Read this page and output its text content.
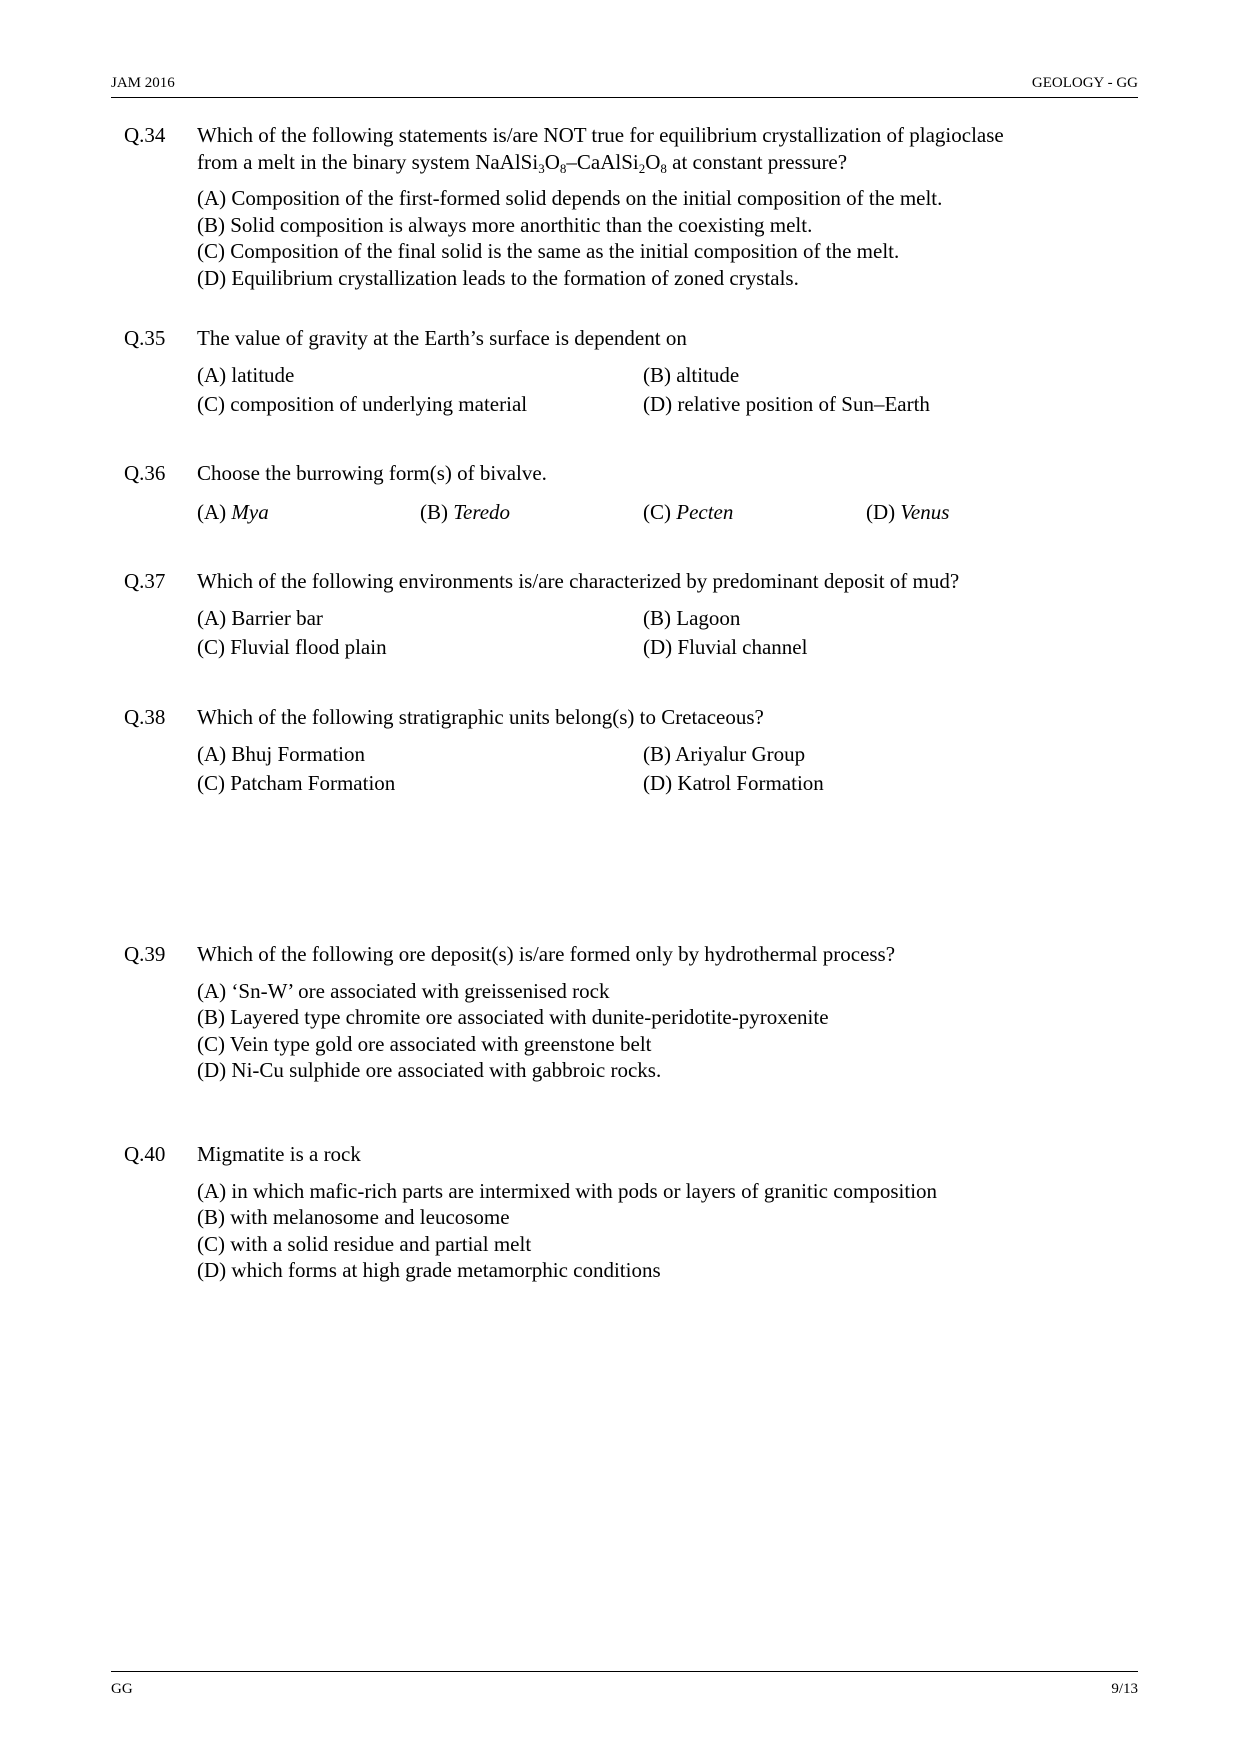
JAM 2016	GEOLOGY - GG
Q.34	Which of the following statements is/are NOT true for equilibrium crystallization of plagioclase
from a melt in the binary system $NaAlSi_3O_8-CaAlSi_2O_8$ at constant pressure?
(A) Composition of the first-formed solid depends on the initial composition of the melt.
(B) Solid composition is always more anorthitic than the coexisting melt.
(C) Composition of the final solid is the same as the initial composition of the melt.
(D) Equilibrium crystallization leads to the formation of zoned crystals.
Q.35	The value of gravity at the Earth’s surface is dependent on
(A) latitude	(B) altitude
(C) composition of underlying material	(D) relative position of Sun–Earth
Q.36	Choose the burrowing form(s) of bivalve.
(A) Mya	(B) Teredo	(C) Pecten	(D) Venus
Q.37	Which of the following environments is/are characterized by predominant deposit of mud?
(A) Barrier bar	(B) Lagoon
(C) Fluvial flood plain	(D) Fluvial channel
Q.38	Which of the following stratigraphic units belong(s) to Cretaceous?
(A) Bhuj Formation	(B) Ariyalur Group
(C) Patcham Formation	(D) Katrol Formation
Q.39	Which of the following ore deposit(s) is/are formed only by hydrothermal process?
(A) ‘Sn-W’ ore associated with greissenised rock
(B) Layered type chromite ore associated with dunite-peridotite-pyroxenite
(C) Vein type gold ore associated with greenstone belt
(D) Ni-Cu sulphide ore associated with gabbroic rocks.
Q.40	Migmatite is a rock
(A) in which mafic-rich parts are intermixed with pods or layers of granitic composition
(B) with melanosome and leucosome
(C) with a solid residue and partial melt
(D) which forms at high grade metamorphic conditions
GG	9/13
